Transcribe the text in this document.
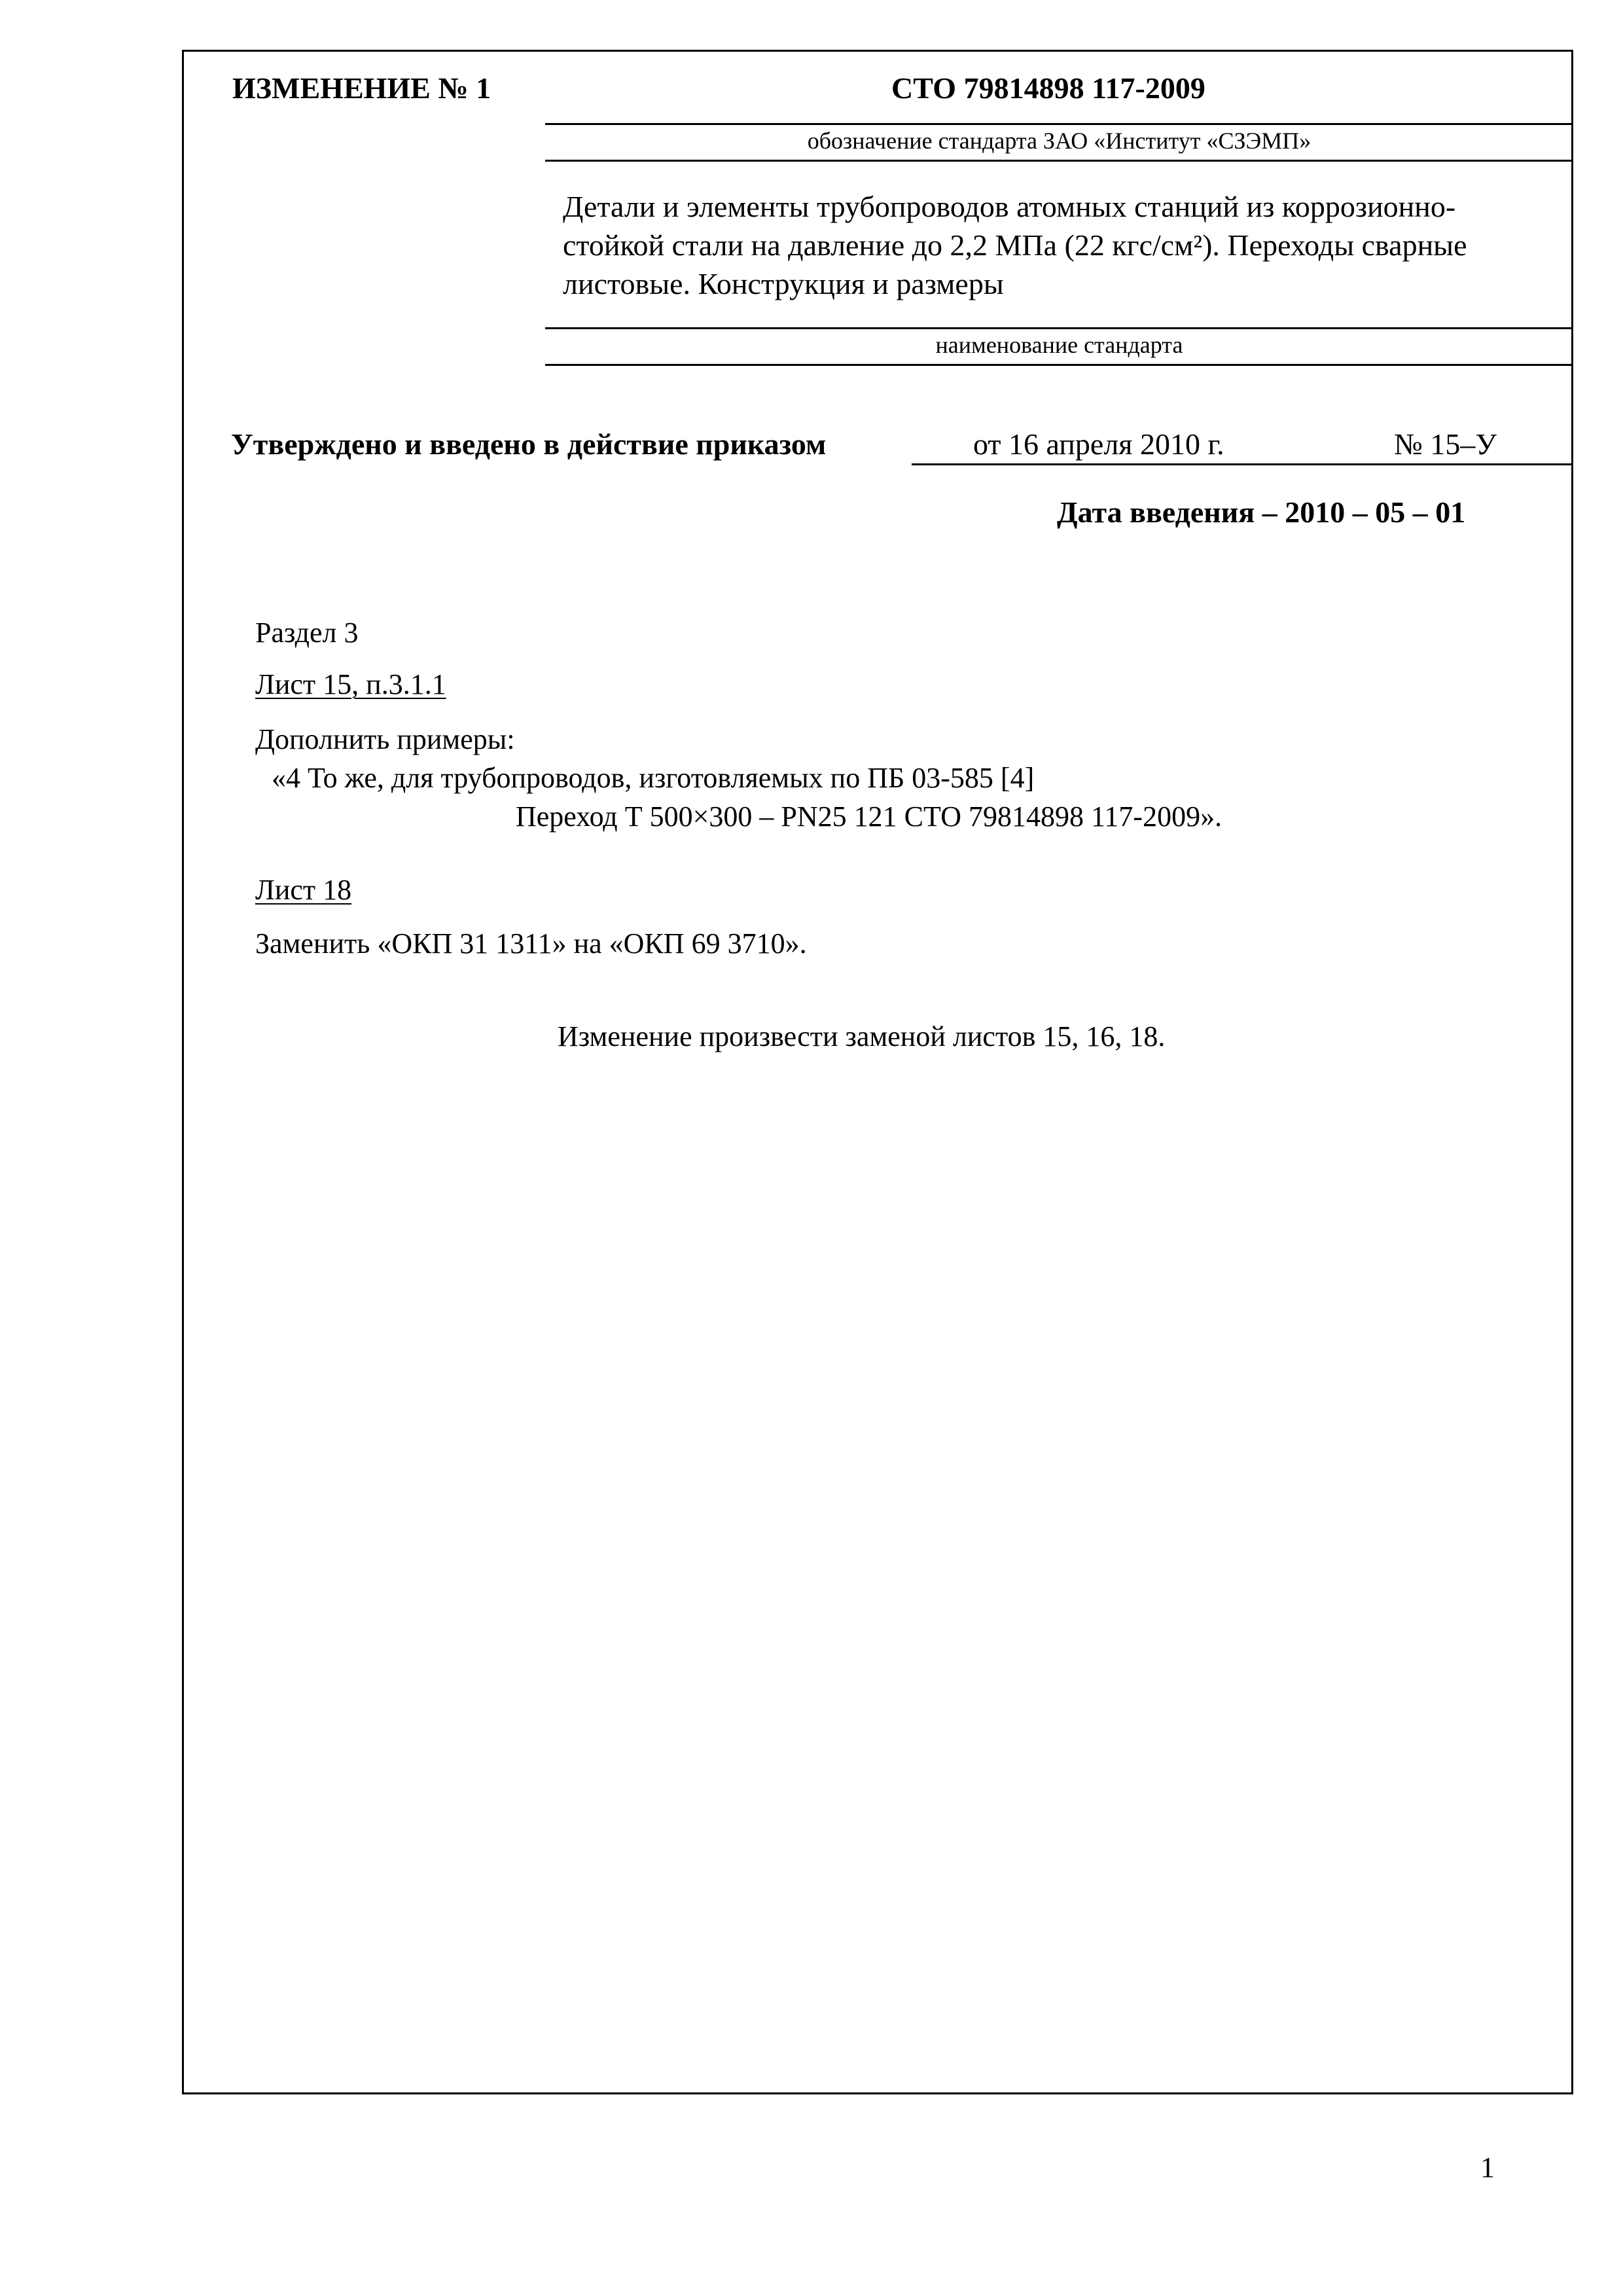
ИЗМЕНЕНИЕ № 1	СТО 79814898 117-2009
обозначение стандарта ЗАО «Институт «СЗЭМП»
Детали и элементы трубопроводов атомных станций из коррозионно-
стойкой стали на давление до 2,2 МПа (22 кгс/см²). Переходы сварные
листовые. Конструкция и размеры
наименование стандарта
Утверждено и введено в действие приказом	от 16 апреля 2010 г.	№ 15–У
Дата введения – 2010 – 05 – 01
Раздел 3
Лист 15, п.3.1.1
Дополнить примеры:
«4 То же, для трубопроводов, изготовляемых по ПБ 03-585 [4]
Переход Т 500×300 – PN25 121 СТО 79814898 117-2009».
Лист 18
Заменить «ОКП 31 1311» на «ОКП 69 3710».
Изменение произвести заменой листов 15, 16, 18.
1
